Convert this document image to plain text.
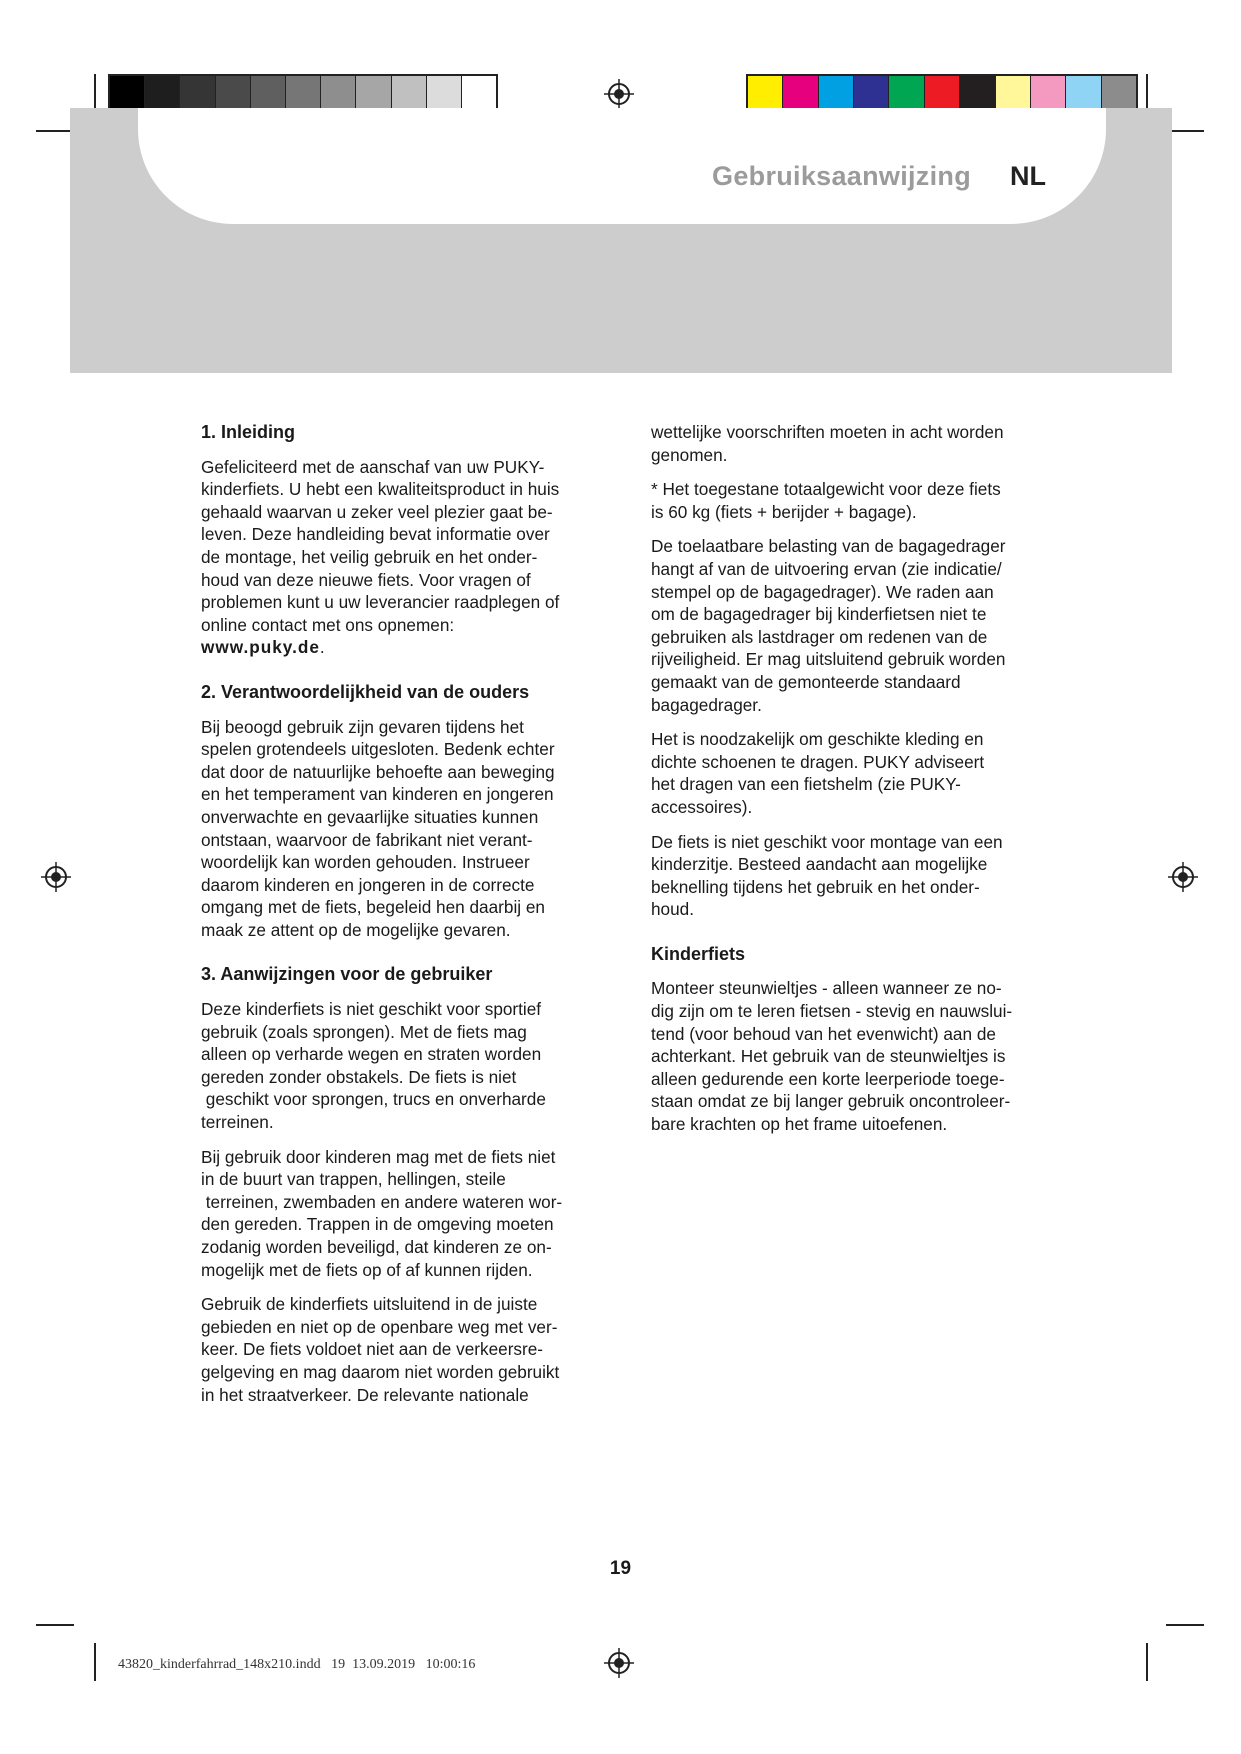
Gebruiksaanwijzing NL
1. Inleiding
Gefeliciteerd met de aanschaf van uw PUKY-
kinderfiets. U hebt een kwaliteitsproduct in huis
gehaald waarvan u zeker veel plezier gaat be-
leven. Deze handleiding bevat informatie over
de montage, het veilig gebruik en het onder-
houd van deze nieuwe fiets. Voor vragen of
problemen kunt u uw leverancier raadplegen of
online contact met ons opnemen:
www.puky.de.
2. Verantwoordelijkheid van de ouders
Bij beoogd gebruik zijn gevaren tijdens het
spelen grotendeels uitgesloten. Bedenk echter
dat door de natuurlijke behoefte aan beweging
en het temperament van kinderen en jongeren
onverwachte en gevaarlijke situaties kunnen
ontstaan, waarvoor de fabrikant niet verant-
woordelijk kan worden gehouden. Instrueer
daarom kinderen en jongeren in de correcte
omgang met de fiets, begeleid hen daarbij en
maak ze attent op de mogelijke gevaren.
3. Aanwijzingen voor de gebruiker
Deze kinderfiets is niet geschikt voor sportief
gebruik (zoals sprongen). Met de fiets mag
alleen op verharde wegen en straten worden
gereden zonder obstakels. De fiets is niet
geschikt voor sprongen, trucs en onverharde
terreinen.
Bij gebruik door kinderen mag met de fiets niet
in de buurt van trappen, hellingen, steile
terreinen, zwembaden en andere wateren wor-
den gereden. Trappen in de omgeving moeten
zodanig worden beveiligd, dat kinderen ze on-
mogelijk met de fiets op of af kunnen rijden.
Gebruik de kinderfiets uitsluitend in de juiste
gebieden en niet op de openbare weg met ver-
keer. De fiets voldoet niet aan de verkeersre-
gelgeving en mag daarom niet worden gebruikt
in het straatverkeer. De relevante nationale
wettelijke voorschriften moeten in acht worden
genomen.
* Het toegestane totaalgewicht voor deze fiets
is 60 kg (fiets + berijder + bagage).
De toelaatbare belasting van de bagagedrager
hangt af van de uitvoering ervan (zie indicatie/
stempel op de bagagedrager). We raden aan
om de bagagedrager bij kinderfietsen niet te
gebruiken als lastdrager om redenen van de
rijveiligheid. Er mag uitsluitend gebruik worden
gemaakt van de gemonteerde standaard
bagagedrager.
Het is noodzakelijk om geschikte kleding en
dichte schoenen te dragen. PUKY adviseert
het dragen van een fietshelm (zie PUKY-
accessoires).
De fiets is niet geschikt voor montage van een
kinderzitje. Besteed aandacht aan mogelijke
beknelling tijdens het gebruik en het onder-
houd.
Kinderfiets
Monteer steunwieltjes - alleen wanneer ze no-
dig zijn om te leren fietsen - stevig en nauwslui-
tend (voor behoud van het evenwicht) aan de
achterkant. Het gebruik van de steunwieltjes is
alleen gedurende een korte leerperiode toege-
staan omdat ze bij langer gebruik oncontroleer-
bare krachten op het frame uitoefenen.
19
43820_kinderfahrrad_148x210.indd   19  13.09.2019   10:00:16
